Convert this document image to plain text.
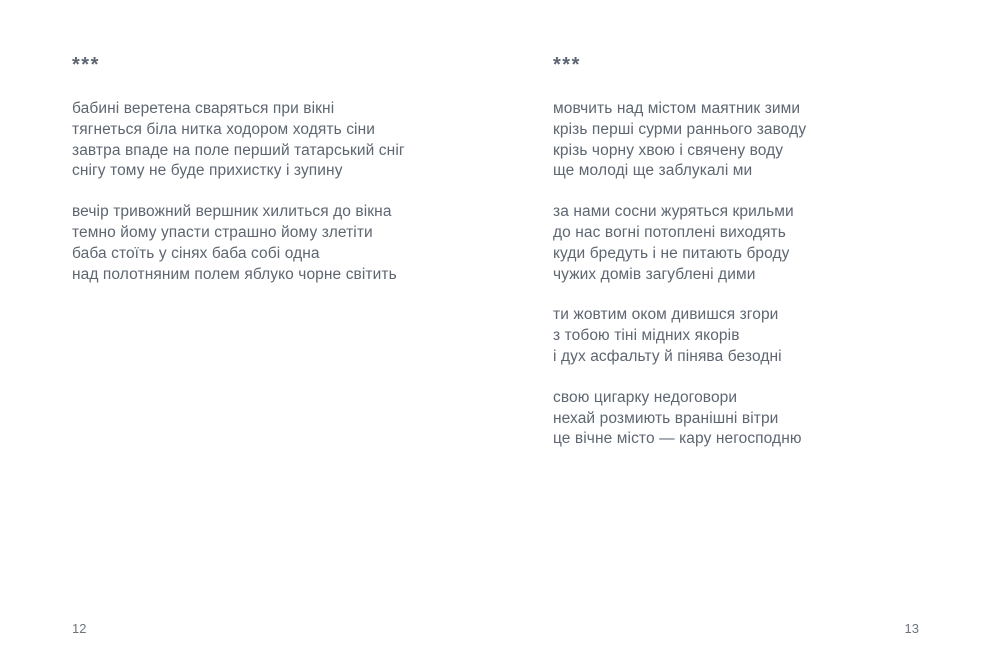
***

бабині веретена сваряться при вікні

тягнеться біла нитка ходором ходять сіни

завтра впаде на поле перший татарський сніг

снігу тому не буде прихистку і зупину

вечір тривожний вершник хилиться до вікна

темно йому упасти страшно йому злетіти

баба стоїть у сінях баба собі одна

над полотняним полем яблуко чорне світить

12
***

мовчить над містом маятник зими

крізь перші сурми раннього заводу

крізь чорну хвою і свячену воду

ще молоді ще заблукалі ми

за нами сосни журяться крильми

до нас вогні потоплені виходять

куди бредуть і не питають броду

чужих домів загублені дими

ти жовтим оком дивишся згори

з тобою тіні мідних якорів

і дух асфальту й пінява безодні

свою цигарку недоговори

нехай розмиють вранішні вітри

це вічне місто — кару негосподню

13
